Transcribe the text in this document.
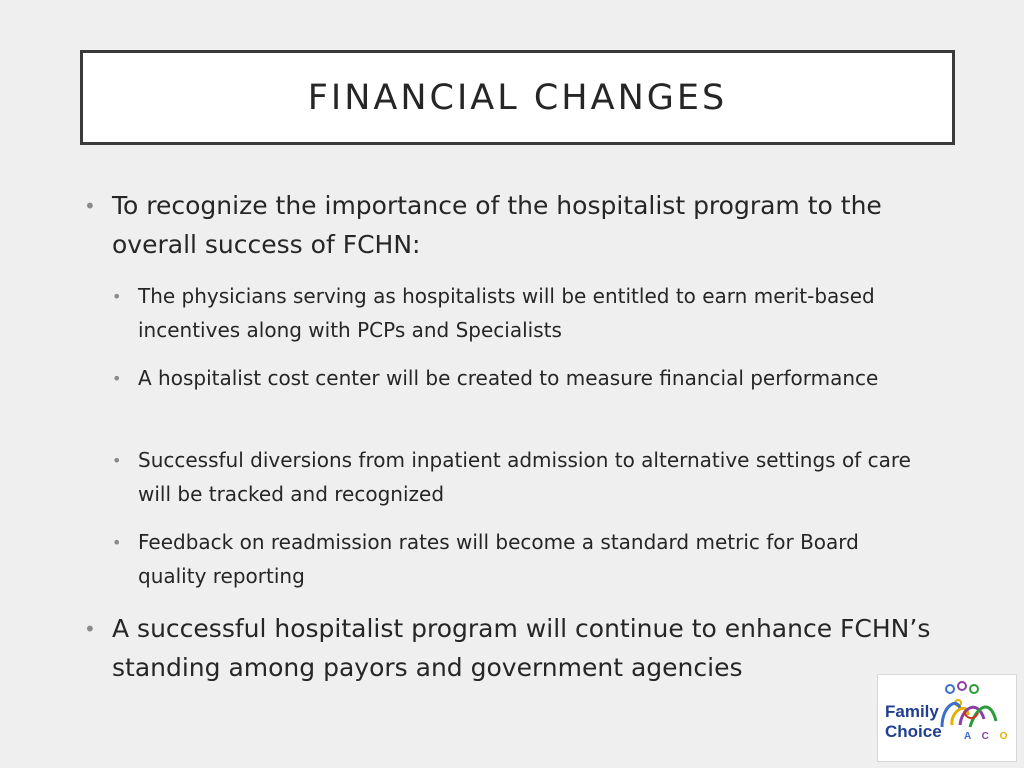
FINANCIAL CHANGES
• To recognize the importance of the hospitalist program to the overall success of FCHN:
• The physicians serving as hospitalists will be entitled to earn merit-based incentives along with PCPs and Specialists
• A hospitalist cost center will be created to measure financial performance
• Successful diversions from inpatient admission to alternative settings of care will be tracked and recognized
• Feedback on readmission rates will become a standard metric for Board quality reporting
• A successful hospitalist program will continue to enhance FCHN’s standing among payors and government agencies
Family
Choice A C O
